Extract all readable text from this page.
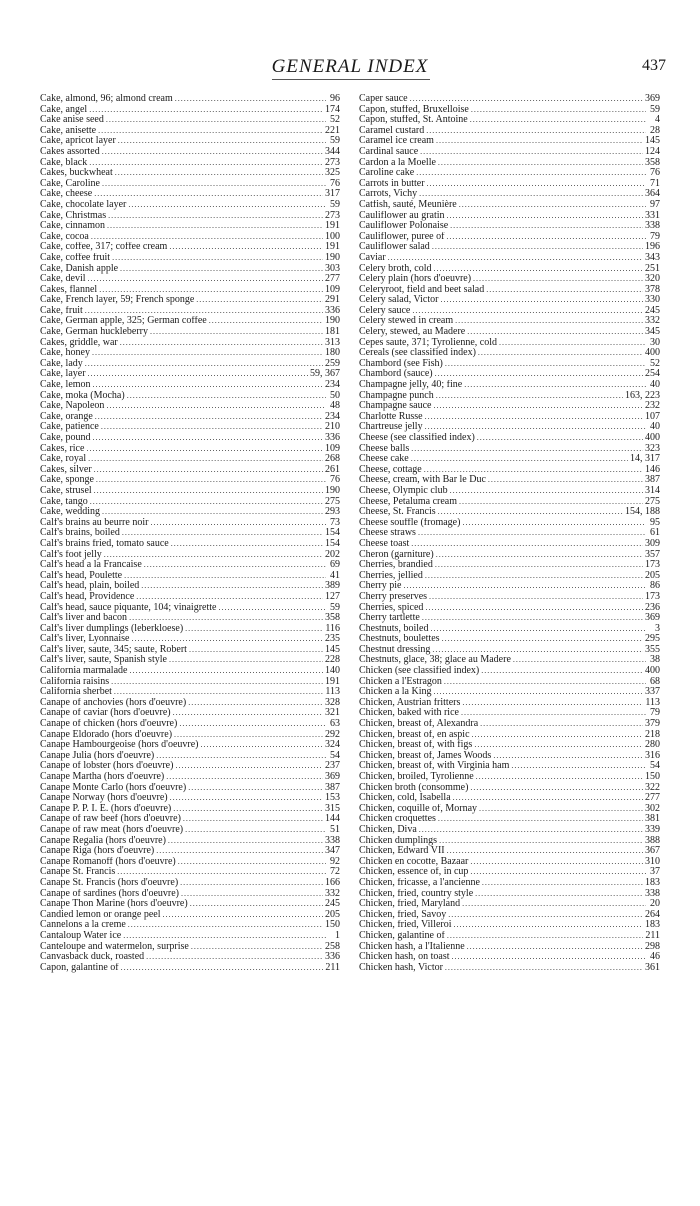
GENERAL INDEX	437
Cake, almond, 96; almond cream .....	96
Cake, angel .....	174
Cake anise seed .....	52
Cake, anisette .....	221
Cake, apricot layer .....	59
Cakes assorted .....	344
Cake, black .....	273
Cakes, buckwheat .....	325
Cake, Caroline .....	76
Cake, cheese .....	317
Cake, chocolate layer .....	59
Cake, Christmas .....	273
Cake, cinnamon .....	191
Cake, cocoa .....	100
Cake, coffee, 317; coffee cream .....	191
Cake, coffee fruit .....	190
Cake, Danish apple .....	303
Cake, devil .....	277
Cakes, flannel .....	109
Cake, French layer, 59; French sponge .....	291
Cake, fruit .....	336
Cake, German apple, 325; German coffee .....	190
Cake, German huckleberry .....	181
Cakes, griddle, war .....	313
Cake, honey .....	180
Cake, lady .....	259
Cake, layer .....	59, 367
Cake, lemon .....	234
Cake, moka (Mocha) .....	50
Cake, Napoleon .....	48
Cake, orange .....	234
Cake, patience .....	210
Cake, pound .....	336
Cakes, rice .....	109
Cake, royal .....	268
Cakes, silver .....	261
Cake, sponge .....	76
Cake, strusel .....	190
Cake, tango .....	275
Cake, wedding .....	293
Calf's brains au beurre noir .....	73
Calf's brains, boiled .....	154
Calf's brains fried, tomato sauce .....	154
Calf's foot jelly .....	202
Calf's head a la Francaise .....	69
Calf's head, Poulette .....	41
Calf's head, plain, boiled .....	389
Calf's head, Providence .....	127
Calf's head, sauce piquante, 104; vinaigrette .....	59
Calf's liver and bacon .....	358
Calf's liver dumplings (leberkloese) .....	116
Calf's liver, Lyonnaise .....	235
Calf's liver, saute, 345; saute, Robert .....	145
Calf's liver, saute, Spanish style .....	228
California marmalade .....	140
California raisins .....	191
California sherbet .....	113
Canape of anchovies (hors d'oeuvre) .....	328
Canape of caviar (hors d'oeuvre) .....	321
Canape of chicken (hors d'oeuvre) .....	63
Canape Eldorado (hors d'oeuvre) .....	292
Canape Hambourgeoise (hors d'oeuvre) .....	324
Canape Julia (hors d'oeuvre) .....	54
Canape of lobster (hors d'oeuvre) .....	237
Canape Martha (hors d'oeuvre) .....	369
Canape Monte Carlo (hors d'oeuvre) .....	387
Canape Norway (hors d'oeuvre) .....	153
Canape P. P. I. E. (hors d'oeuvre) .....	315
Canape of raw beef (hors d'oeuvre) .....	144
Canape of raw meat (hors d'oeuvre) .....	51
Canape Regalia (hors d'oeuvre) .....	338
Canape Riga (hors d'oeuvre) .....	347
Canape Romanoff (hors d'oeuvre) .....	92
Canape St. Francis .....	72
Canape St. Francis (hors d'oeuvre) .....	166
Canape of sardines (hors d'oeuvre) .....	332
Canape Thon Marine (hors d'oeuvre) .....	245
Candied lemon or orange peel .....	205
Cannelons a la creme .....	150
Cantaloup Water ice .....	1
Canteloupe and watermelon, surprise .....	258
Canvasback duck, roasted .....	336
Capon, galantine of .....	211
Caper sauce .....	369
Capon, stuffed, Bruxelloise .....	59
Capon, stuffed, St. Antoine .....	4
Caramel custard .....	28
Caramel ice cream .....	145
Cardinal sauce .....	124
Cardon a la Moelle .....	358
Caroline cake .....	76
Carrots in butter .....	71
Carrots, Vichy .....	364
Catfish, sauté, Meunière .....	97
Cauliflower au gratin .....	331
Cauliflower Polonaise .....	338
Cauliflower, puree of .....	79
Cauliflower salad .....	196
Caviar .....	343
Celery broth, cold .....	251
Celery plain (hors d'oeuvre) .....	320
Celeryroot, field and beet salad .....	378
Celery salad, Victor .....	330
Celery sauce .....	245
Celery stewed in cream .....	332
Celery, stewed, au Madere .....	345
Cepes saute, 371; Tyrolienne, cold .....	30
Cereals (see classified index) .....	400
Chambord (see Fish) .....	52
Chambord (sauce) .....	254
Champagne jelly, 40; fine .....	40
Champagne punch .....	163, 223
Champagne sauce .....	232
Charlotte Russe .....	107
Chartreuse jelly .....	40
Cheese (see classified index) .....	400
Cheese balls .....	323
Cheese cake .....	14, 317
Cheese, cottage .....	146
Cheese, cream, with Bar le Duc .....	387
Cheese, Olympic club .....	314
Cheese, Petaluma cream .....	275
Cheese, St. Francis .....	154, 188
Cheese souffle (fromage) .....	95
Cheese straws .....	61
Cheese toast .....	309
Cheron (garniture) .....	357
Cherries, brandied .....	173
Cherries, jellied .....	205
Cherry pie .....	86
Cherry preserves .....	173
Cherries, spiced .....	236
Cherry tartlette .....	369
Chestnuts, boiled .....	3
Chestnuts, boulettes .....	295
Chestnut dressing .....	355
Chestnuts, glace, 38; glace au Madere .....	38
Chicken (see classified index) .....	400
Chicken a l'Estragon .....	68
Chicken a la King .....	337
Chicken, Austrian fritters .....	113
Chicken, baked with rice .....	79
Chicken, breast of, Alexandra .....	379
Chicken, breast of, en aspic .....	218
Chicken, breast of, with figs .....	280
Chicken, breast of, James Woods .....	316
Chicken, breast of, with Virginia ham .....	54
Chicken, broiled, Tyrolienne .....	150
Chicken broth (consomme) .....	322
Chicken, cold, Isabella .....	277
Chicken, coquille of, Mornay .....	302
Chicken croquettes .....	381
Chicken, Diva .....	339
Chicken dumplings .....	388
Chicken, Edward VII .....	367
Chicken en cocotte, Bazaar .....	310
Chicken, essence of, in cup .....	37
Chicken, fricasse, a l'ancienne .....	183
Chicken, fried, country style .....	338
Chicken, fried, Maryland .....	20
Chicken, fried, Savoy .....	264
Chicken, fried, Villeroi .....	183
Chicken, galantine of .....	211
Chicken hash, a l'Italienne .....	298
Chicken hash, on toast .....	46
Chicken hash, Victor .....	361
